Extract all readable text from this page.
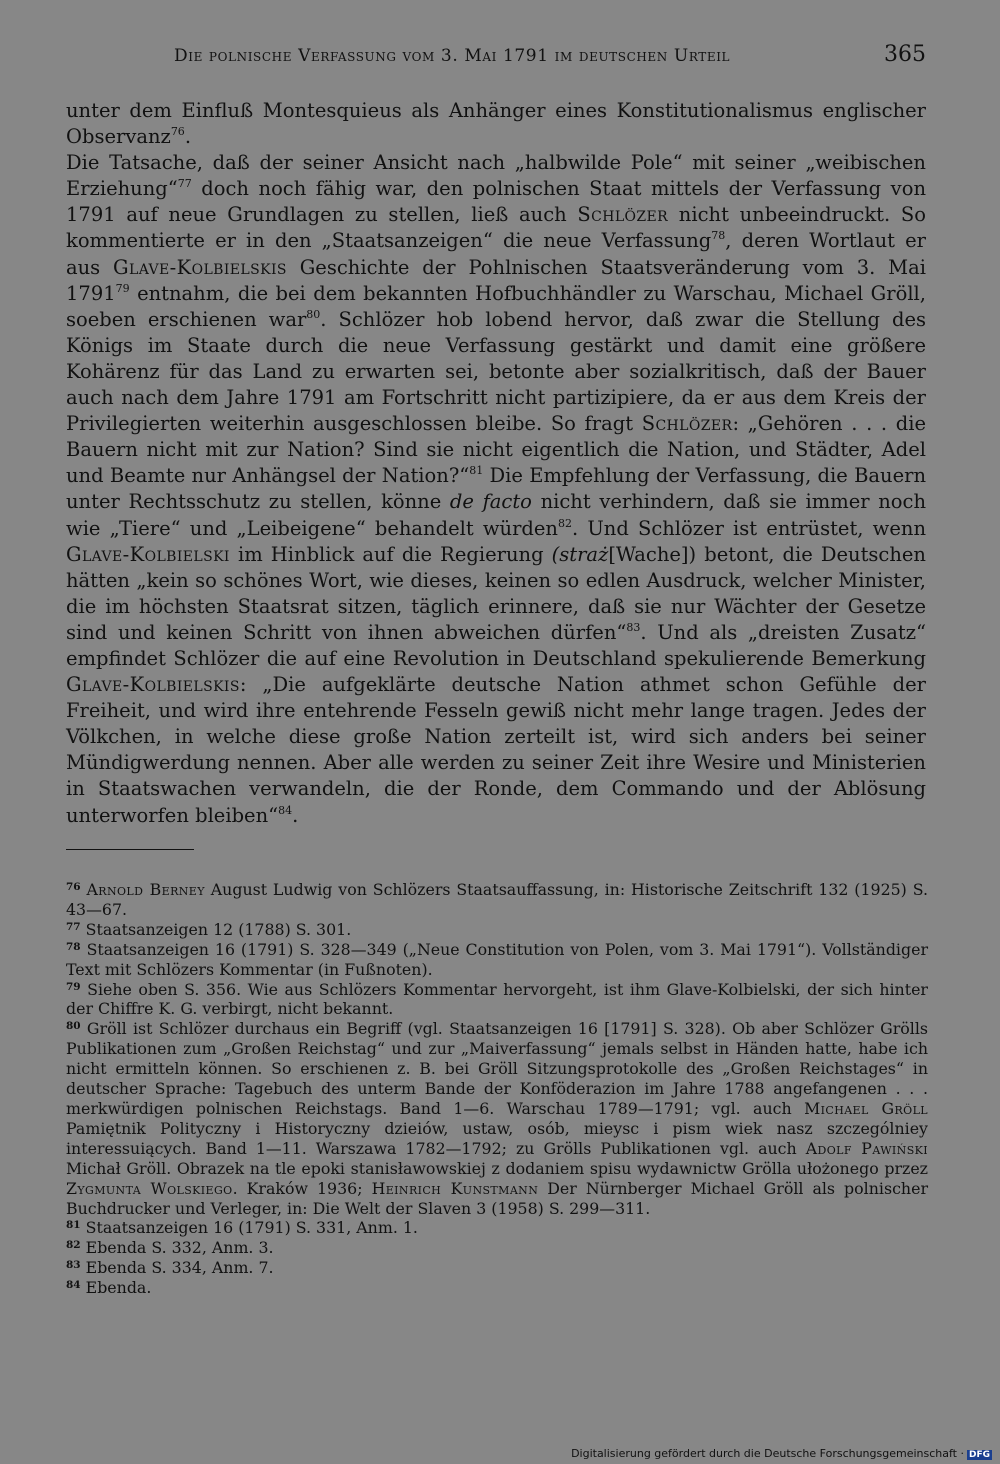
Die polnische Verfassung vom 3. Mai 1791 im deutschen Urteil	365

unter dem Einfluß Montesquieus als Anhänger eines Konstitutionalismus englischer Observanz$^{76}$.

Die Tatsache, daß der seiner Ansicht nach „halbwilde Pole“ mit seiner „weibischen Erziehung“$^{77}$ doch noch fähig war, den polnischen Staat mittels der Verfassung von 1791 auf neue Grundlagen zu stellen, ließ auch Schlözer nicht unbeeindruckt. So kommentierte er in den „Staatsanzeigen“ die neue Verfassung$^{78}$, deren Wortlaut er aus Glave-Kolbielskis Geschichte der Pohlnischen Staatsveränderung vom 3. Mai 1791$^{79}$ entnahm, die bei dem bekannten Hofbuchhändler zu Warschau, Michael Gröll, soeben erschienen war$^{80}$. Schlözer hob lobend hervor, daß zwar die Stellung des Königs im Staate durch die neue Verfassung gestärkt und damit eine größere Kohärenz für das Land zu erwarten sei, betonte aber sozialkritisch, daß der Bauer auch nach dem Jahre 1791 am Fortschritt nicht partizipiere, da er aus dem Kreis der Privilegierten weiterhin ausgeschlossen bleibe. So fragt Schlözer: „Gehören . . . die Bauern nicht mit zur Nation? Sind sie nicht eigentlich die Nation, und Städter, Adel und Beamte nur Anhängsel der Nation?“$^{81}$ Die Empfehlung der Verfassung, die Bauern unter Rechtsschutz zu stellen, könne de facto nicht verhindern, daß sie immer noch wie „Tiere“ und „Leibeigene“ behandelt würden$^{82}$. Und Schlözer ist entrüstet, wenn Glave-Kolbielski im Hinblick auf die Regierung (straż[Wache]) betont, die Deutschen hätten „kein so schönes Wort, wie dieses, keinen so edlen Ausdruck, welcher Minister, die im höchsten Staatsrat sitzen, täglich erinnere, daß sie nur Wächter der Gesetze sind und keinen Schritt von ihnen abweichen dürfen“$^{83}$. Und als „dreisten Zusatz“ empfindet Schlözer die auf eine Revolution in Deutschland spekulierende Bemerkung Glave-Kolbielskis: „Die aufgeklärte deutsche Nation athmet schon Gefühle der Freiheit, und wird ihre entehrende Fesseln gewiß nicht mehr lange tragen. Jedes der Völkchen, in welche diese große Nation zerteilt ist, wird sich anders bei seiner Mündigwerdung nennen. Aber alle werden zu seiner Zeit ihre Wesire und Ministerien in Staatswachen verwandeln, die der Ronde, dem Commando und der Ablösung unterworfen bleiben“$^{84}$.

$^{76}$ Arnold Berney August Ludwig von Schlözers Staatsauffassung, in: Historische Zeitschrift 132 (1925) S. 43—67.

$^{77}$ Staatsanzeigen 12 (1788) S. 301.

$^{78}$ Staatsanzeigen 16 (1791) S. 328—349 („Neue Constitution von Polen, vom 3. Mai 1791“). Vollständiger Text mit Schlözers Kommentar (in Fußnoten).

$^{79}$ Siehe oben S. 356. Wie aus Schlözers Kommentar hervorgeht, ist ihm Glave-Kolbielski, der sich hinter der Chiffre K. G. verbirgt, nicht bekannt.

$^{80}$ Gröll ist Schlözer durchaus ein Begriff (vgl. Staatsanzeigen 16 [1791] S. 328). Ob aber Schlözer Grölls Publikationen zum „Großen Reichstag“ und zur „Maiverfassung“ jemals selbst in Händen hatte, habe ich nicht ermitteln können. So erschienen z. B. bei Gröll Sitzungsprotokolle des „Großen Reichstages“ in deutscher Sprache: Tagebuch des unterm Bande der Konföderazion im Jahre 1788 angefangenen . . . merkwürdigen polnischen Reichstags. Band 1—6. Warschau 1789—1791; vgl. auch Michael Gröll Pamiętnik Polityczny i Historyczny dzieiów, ustaw, osób, mieysc i pism wiek nasz szczególniey interessuiących. Band 1—11. Warszawa 1782—1792; zu Grölls Publikationen vgl. auch Adolf Pawiński Michał Gröll. Obrazek na tle epoki stanisławowskiej z dodaniem spisu wydawnictw Grölla ułożonego przez Zygmunta Wolskiego. Kraków 1936; Heinrich Kunstmann Der Nürnberger Michael Gröll als polnischer Buchdrucker und Verleger, in: Die Welt der Slaven 3 (1958) S. 299—311.

$^{81}$ Staatsanzeigen 16 (1791) S. 331, Anm. 1.

$^{82}$ Ebenda S. 332, Anm. 3.

$^{83}$ Ebenda S. 334, Anm. 7.

$^{84}$ Ebenda.

Digitalisierung gefördert durch die Deutsche Forschungsgemeinschaft · DFG
